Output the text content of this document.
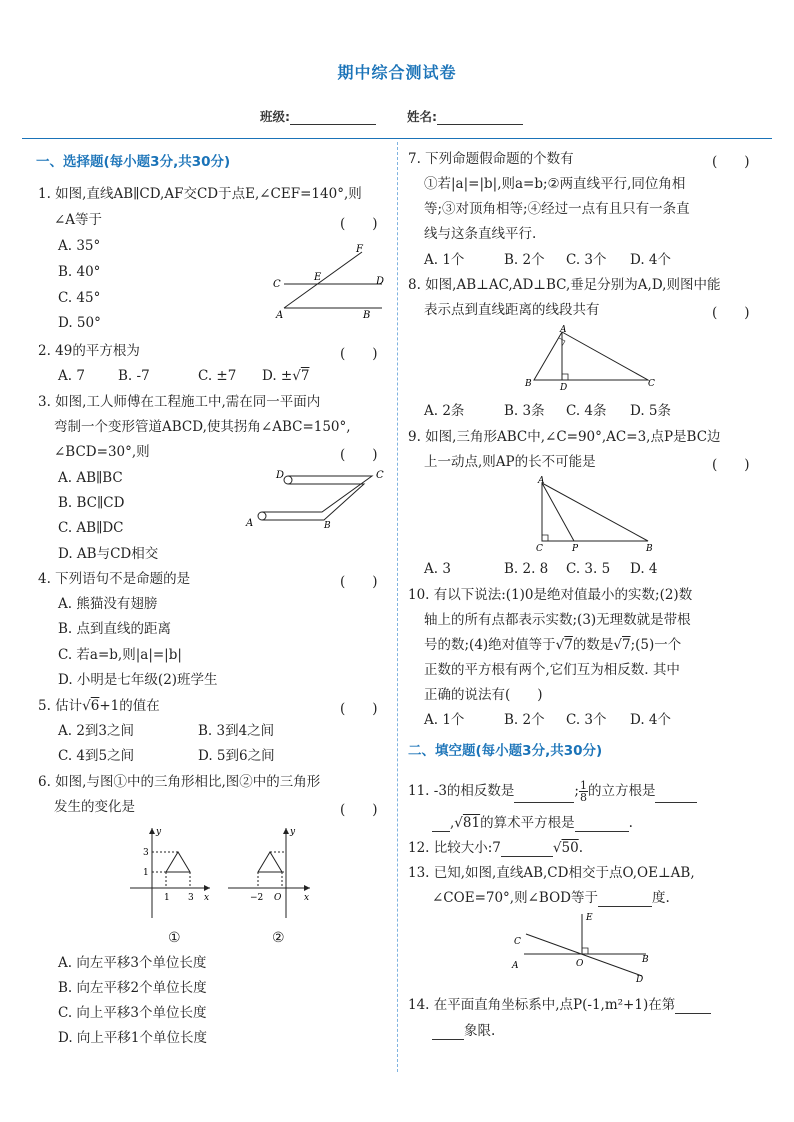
期中综合测试卷
班级:	姓名:
一、选择题(每小题3分,共30分)
1. 如图,直线AB∥CD,AF交CD于点E,∠CEF=140°,则
∠A等于	(　　)
A. 35°
B. 40°
C. 45°
D. 50°
F
C
E	D
A	B
2. 49的平方根为	(　　)
A. 7 B. -7	C. ±7 D. ±√7
3. 如图,工人师傅在工程施工中,需在同一平面内
弯制一个变形管道ABCD,使其拐角∠ABC=150°,
∠BCD=30°,则	(　　)
A. AB∥BC
B. BC∥CD
C. AB∥DC
D. AB与CD相交
D	C
A	B
4. 下列语句不是命题的是	(　　)
A. 熊猫没有翅膀
B. 点到直线的距离
C. 若a=b,则|a|=|b|
D. 小明是七年级(2)班学生
5. 估计√6+1的值在	(　　)
A. 2到3之间	B. 3到4之间
C. 4到5之间	D. 5到6之间
6. 如图,与图①中的三角形相比,图②中的三角形
发生的变化是	(　　)
y
x
3
1
1 3
y
x
−2 O
①	②
A. 向左平移3个单位长度
B. 向左平移2个单位长度
C. 向上平移3个单位长度
D. 向上平移1个单位长度
7. 下列命题假命题的个数有	(　　)
①若|a|=|b|,则a=b;②两直线平行,同位角相
等;③对顶角相等;④经过一点有且只有一条直
线与这条直线平行.
A. 1个	B. 2个 C. 3个 D. 4个
8. 如图,AB⊥AC,AD⊥BC,垂足分别为A,D,则图中能
表示点到直线距离的线段共有	(　　)
A
B	D	C
A. 2条	B. 3条 C. 4条 D. 5条
9. 如图,三角形ABC中,∠C=90°,AC=3,点P是BC边
上一动点,则AP的长不可能是	(　　)
A
C	P	B
A. 3	B. 2. 8 C. 3. 5 D. 4
10. 有以下说法:(1)0是绝对值最小的实数;(2)数
轴上的所有点都表示实数;(3)无理数就是带根
号的数;(4)绝对值等于√7的数是√7;(5)一个
正数的平方根有两个,它们互为相反数. 其中
正确的说法有(　　)
A. 1个	B. 2个 C. 3个 D. 4个
二、填空题(每小题3分,共30分)
11. -3的相反数是	; $\frac{1}{8}$ 的立方根是
,√81的算术平方根是	.
12. 比较大小:7	√50.
13. 已知,如图,直线AB,CD相交于点O,OE⊥AB,
∠COE=70°,则∠BOD等于	度.
E
C
A	O	B
D
14. 在平面直角坐标系中,点P(-1,m²+1)在第
象限.
